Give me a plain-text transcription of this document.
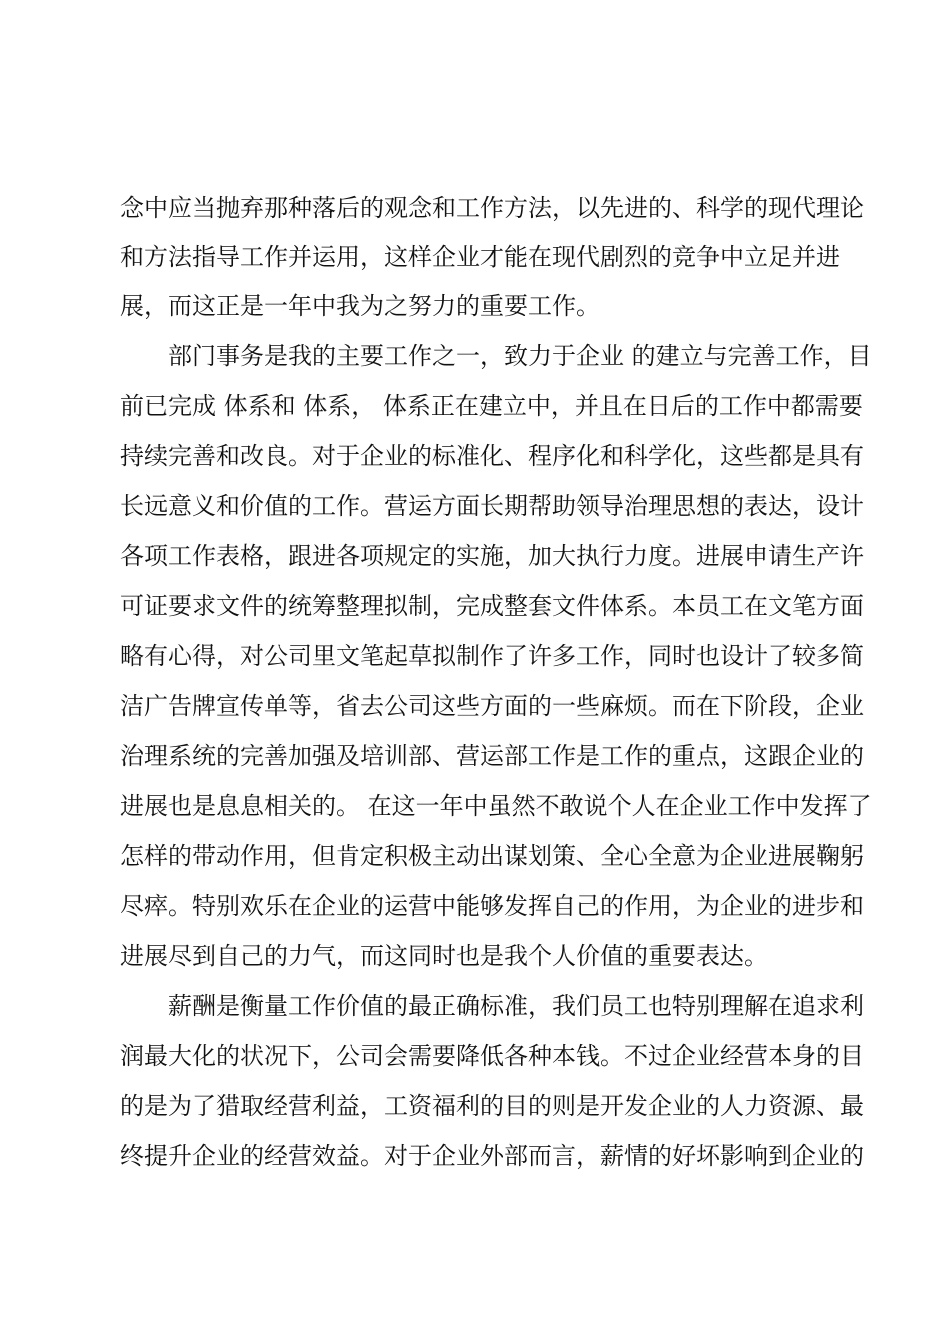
念中应当抛弃那种落后的观念和工作方法，以先进的、科学的现代理论
和方法指导工作并运用，这样企业才能在现代剧烈的竞争中立足并进
展，而这正是一年中我为之努力的重要工作。
部门事务是我的主要工作之一，致力于企业 的建立与完善工作，目
前已完成 体系和 体系， 体系正在建立中，并且在日后的工作中都需要
持续完善和改良。对于企业的标准化、程序化和科学化，这些都是具有
长远意义和价值的工作。营运方面长期帮助领导治理思想的表达，设计
各项工作表格，跟进各项规定的实施，加大执行力度。进展申请生产许
可证要求文件的统筹整理拟制，完成整套文件体系。本员工在文笔方面
略有心得，对公司里文笔起草拟制作了许多工作，同时也设计了较多简
洁广告牌宣传单等，省去公司这些方面的一些麻烦。而在下阶段，企业
治理系统的完善加强及培训部、营运部工作是工作的重点，这跟企业的
进展也是息息相关的。 在这一年中虽然不敢说个人在企业工作中发挥了
怎样的带动作用，但肯定积极主动出谋划策、全心全意为企业进展鞠躬
尽瘁。特别欢乐在企业的运营中能够发挥自己的作用，为企业的进步和
进展尽到自己的力气，而这同时也是我个人价值的重要表达。
薪酬是衡量工作价值的最正确标准，我们员工也特别理解在追求利
润最大化的状况下，公司会需要降低各种本钱。不过企业经营本身的目
的是为了猎取经营利益，工资福利的目的则是开发企业的人力资源、最
终提升企业的经营效益。对于企业外部而言，薪情的好坏影响到企业的
